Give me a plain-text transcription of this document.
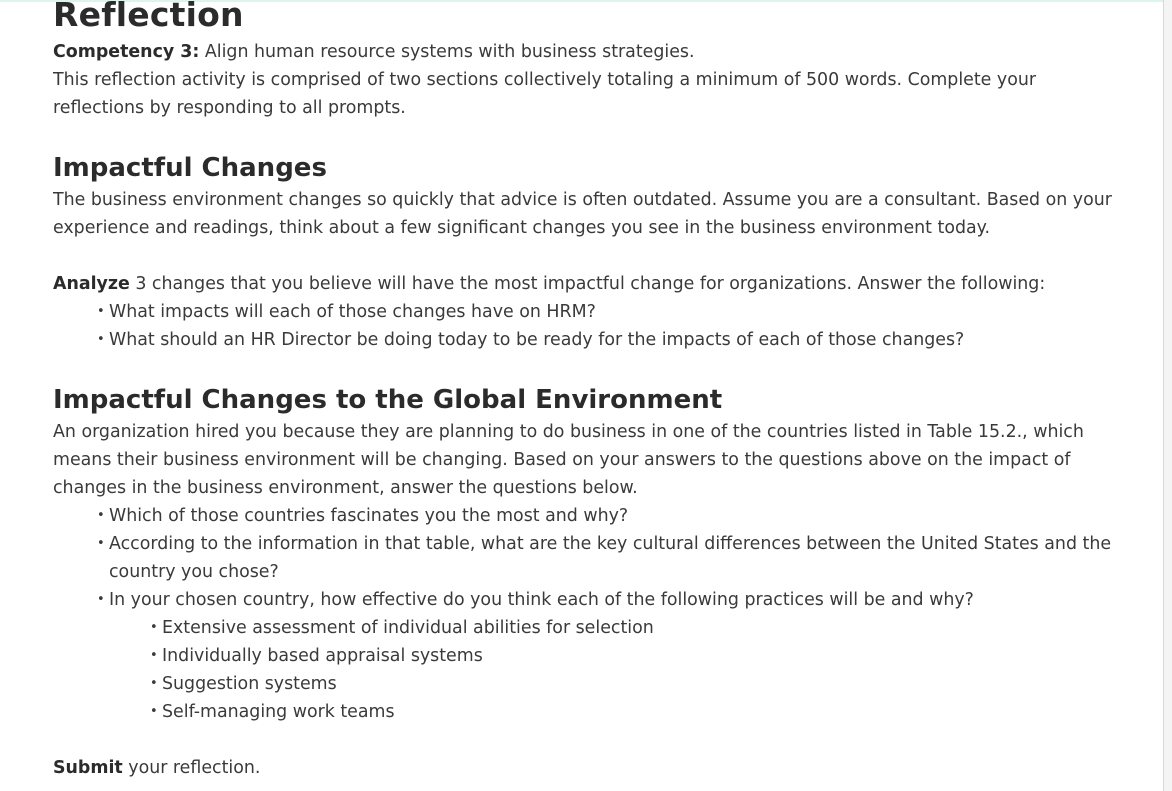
Reflection

Competency 3: Align human resource systems with business strategies.

This reflection activity is comprised of two sections collectively totaling a minimum of 500 words. Complete your reflections by responding to all prompts.

Impactful Changes

The business environment changes so quickly that advice is often outdated. Assume you are a consultant. Based on your experience and readings, think about a few significant changes you see in the business environment today.

Analyze 3 changes that you believe will have the most impactful change for organizations. Answer the following:

• What impacts will each of those changes have on HRM?
• What should an HR Director be doing today to be ready for the impacts of each of those changes?
Impactful Changes to the Global Environment

An organization hired you because they are planning to do business in one of the countries listed in Table 15.2., which means their business environment will be changing. Based on your answers to the questions above on the impact of changes in the business environment, answer the questions below.

• Which of those countries fascinates you the most and why?
• According to the information in that table, what are the key cultural differences between the United States and the country you chose?
• In your chosen country, how effective do you think each of the following practices will be and why?
• Extensive assessment of individual abilities for selection
• Individually based appraisal systems
• Suggestion systems
• Self-managing work teams

Submit your reflection.
